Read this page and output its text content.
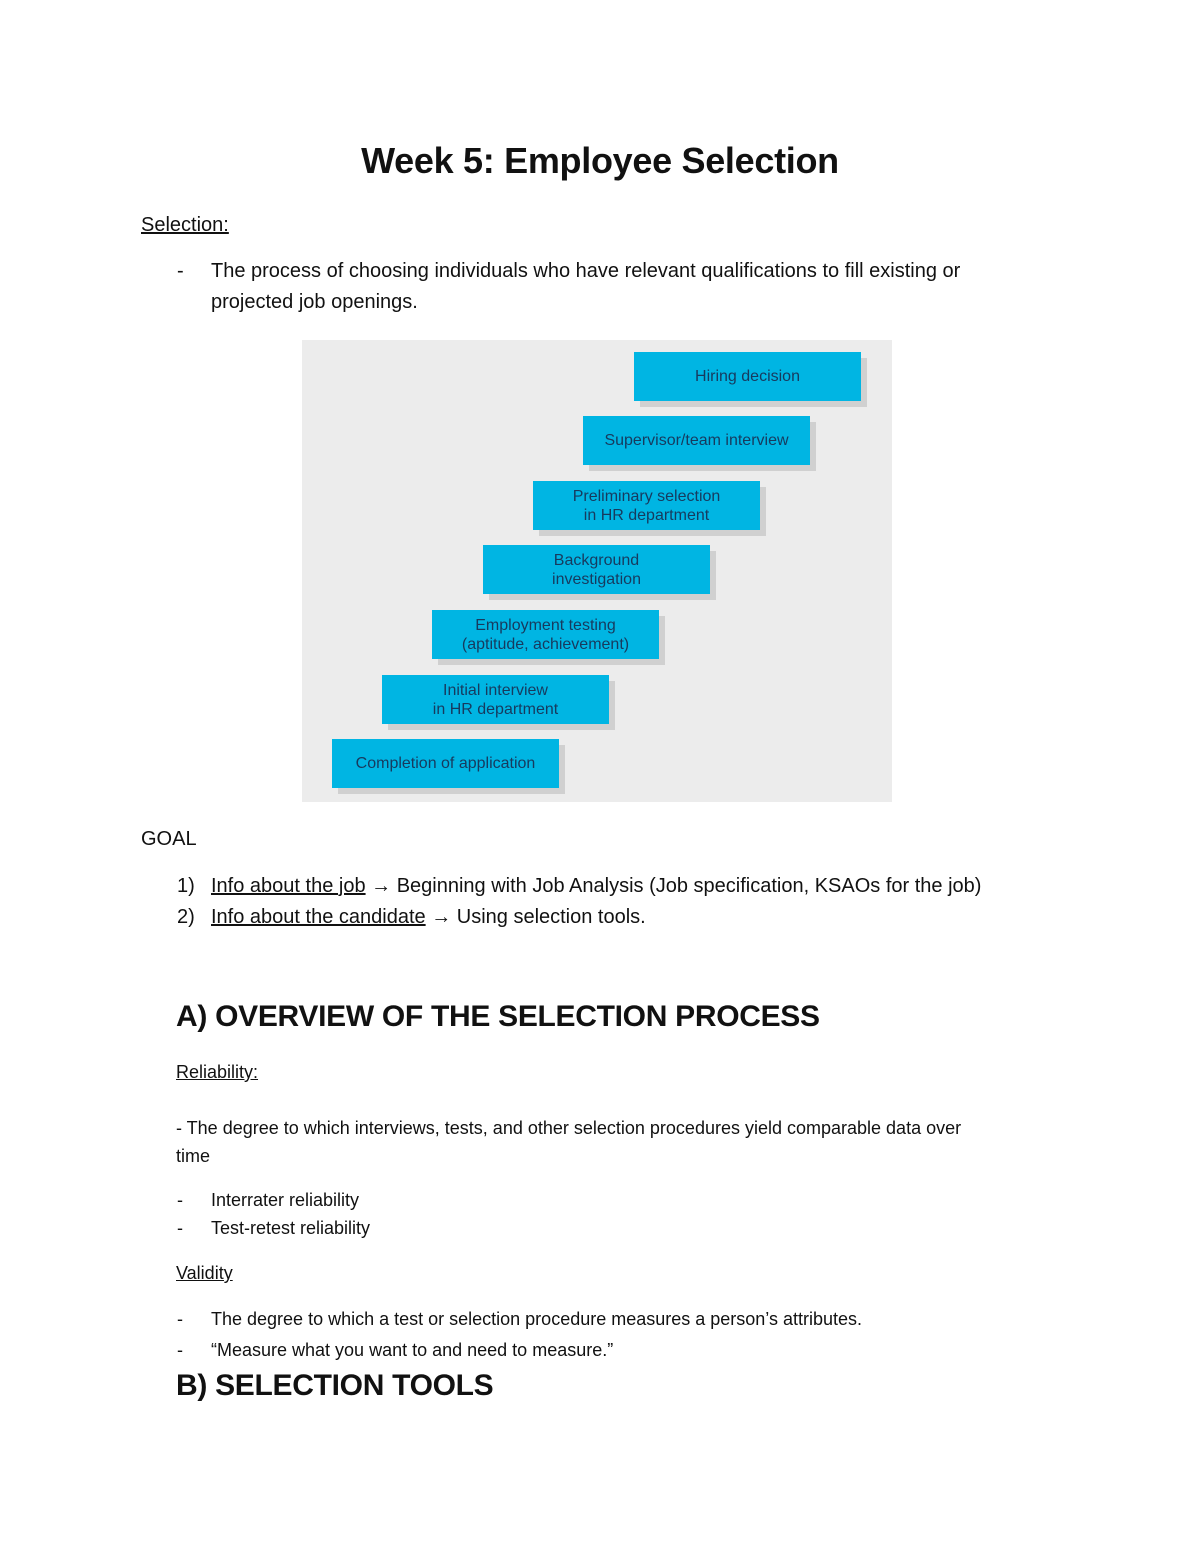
Week 5: Employee Selection
Selection:
- The process of choosing individuals who have relevant qualifications to fill existing or
projected job openings.
Hiring decision
Supervisor/team interview
Preliminary selection
in HR department
Background
investigation
Employment testing
(aptitude, achievement)
Initial interview
in HR department
Completion of application
GOAL
1) Info about the job → Beginning with Job Analysis (Job specification, KSAOs for the job)
2) Info about the candidate → Using selection tools.
A) OVERVIEW OF THE SELECTION PROCESS
Reliability:
- The degree to which interviews, tests, and other selection procedures yield comparable data over
time
- Interrater reliability
- Test-retest reliability
Validity
- The degree to which a test or selection procedure measures a person’s attributes.
- “Measure what you want to and need to measure.”
B) SELECTION TOOLS
